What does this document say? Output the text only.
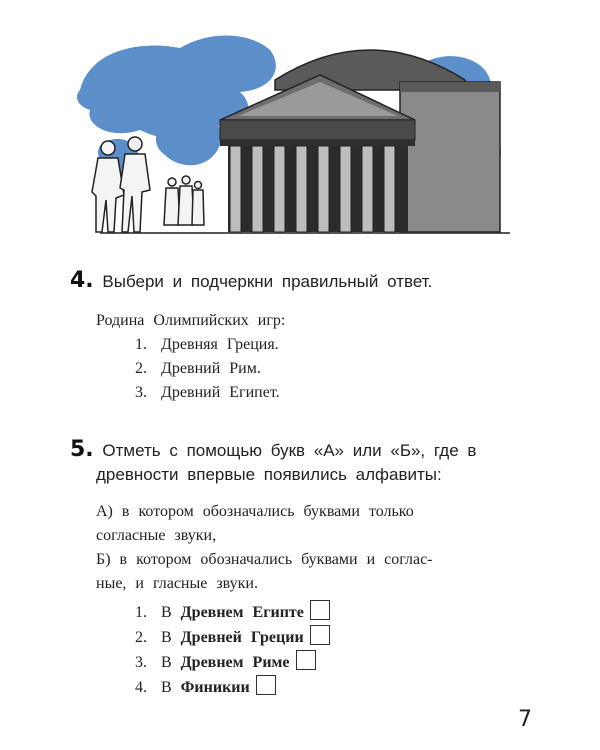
4. Выбери и подчеркни правильный ответ.
Родина Олимпийских игр:
1. Древняя Греция.
2. Древний Рим.
3. Древний Египет.
5. Отметь с помощью букв «А» или «Б», где в
древности впервые появились алфавиты:
А) в котором обозначались буквами только
согласные звуки,
Б) в котором обозначались буквами и соглас-
ные, и гласные звуки.
1. В Древнем Египте
2. В Древней Греции
3. В Древнем Риме
4. В Финикии
7
